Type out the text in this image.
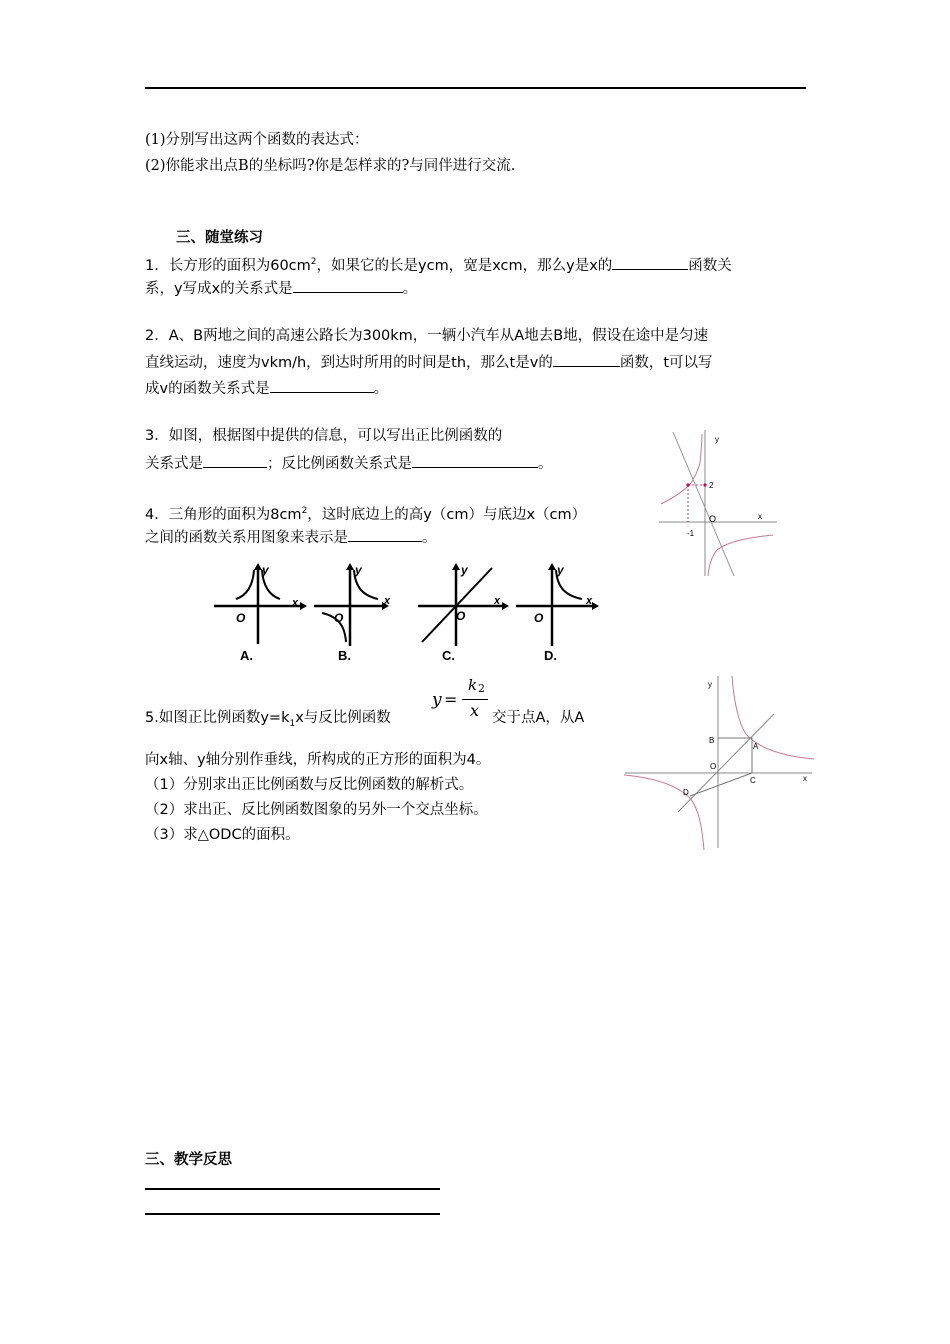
(1)分别写出这两个函数的表达式：
(2)你能求出点B的坐标吗?你是怎样求的?与同伴进行交流.
三、随堂练习
1．长方形的面积为$60cm^2$，如果它的长是ycm，宽是xcm，那么y是x的	函数关
系，y写成x的关系式是	。
2．A、B两地之间的高速公路长为300km，一辆小汽车从A地去B地，假设在途中是匀速
直线运动，速度为vkm/h，到达时所用的时间是th，那么t是v的	函数，t可以写
成v的函数关系式是	。
3．如图，根据图中提供的信息，可以写出正比例函数的
关系式是	；反比例函数关系式是	。
y
x
O
2
-1
4．三角形的面积为$8cm^2$，这时底边上的高y（cm）与底边x（cm）
之间的函数关系用图象来表示是	。
y
x
O
A.
y
x
O
B.
y
x
O
C.
y
x
O
D.
y =
k 2
x
5.如图正比例函数$y=k_1x$与反比例函数	交于点A，从A
向x轴、y轴分别作垂线，所构成的正方形的面积为4。
（1）分别求出正比例函数与反比例函数的解析式。
（2）求出正、反比例函数图象的另外一个交点坐标。
（3）求△ODC的面积。
y
x
O
A
B
C
D
三、教学反思
